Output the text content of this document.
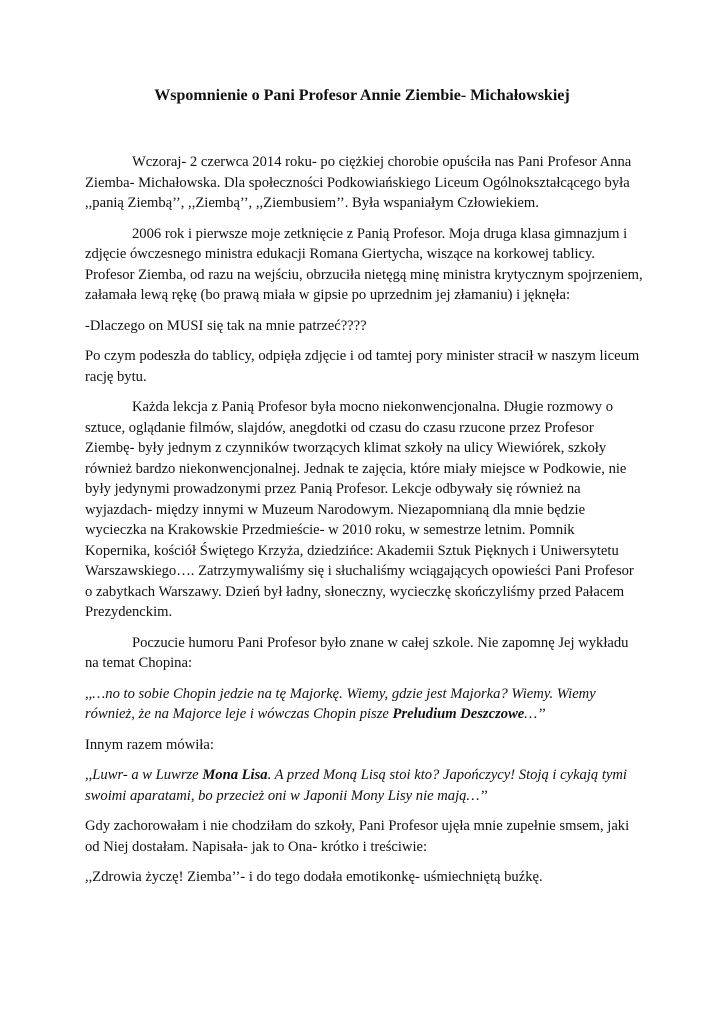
Wspomnienie o Pani Profesor Annie Ziembie- Michałowskiej

Wczoraj- 2 czerwca 2014 roku- po ciężkiej chorobie opuściła nas Pani Profesor Anna Ziemba- Michałowska. Dla społeczności Podkowiańskiego Liceum Ogólnokształcącego była ,,panią Ziembą’’, ,,Ziembą’’, ,,Ziembusiem’’. Była wspaniałym Człowiekiem.

2006 rok i pierwsze moje zetknięcie z Panią Profesor. Moja druga klasa gimnazjum i zdjęcie ówczesnego ministra edukacji Romana Giertycha, wiszące na korkowej tablicy. Profesor Ziemba, od razu na wejściu, obrzuciła nietęgą minę ministra krytycznym spojrzeniem, załamała lewą rękę (bo prawą miała w gipsie po uprzednim jej złamaniu) i jęknęła:

-Dlaczego on MUSI się tak na mnie patrzeć????

Po czym podeszła do tablicy, odpięła zdjęcie i od tamtej pory minister stracił w naszym liceum rację bytu.

Każda lekcja z Panią Profesor była mocno niekonwencjonalna. Długie rozmowy o sztuce, oglądanie filmów, slajdów, anegdotki od czasu do czasu rzucone przez Profesor Ziembę- były jednym z czynników tworzących klimat szkoły na ulicy Wiewiórek, szkoły również bardzo niekonwencjonalnej. Jednak te zajęcia, które miały miejsce w Podkowie, nie były jedynymi prowadzonymi przez Panią Profesor. Lekcje odbywały się również na wyjazdach- między innymi w Muzeum Narodowym. Niezapomnianą dla mnie będzie wycieczka na Krakowskie Przedmieście- w 2010 roku, w semestrze letnim. Pomnik Kopernika, kościół Świętego Krzyża, dziedzińce: Akademii Sztuk Pięknych i Uniwersytetu Warszawskiego…. Zatrzymywaliśmy się i słuchaliśmy wciągających opowieści Pani Profesor o zabytkach Warszawy. Dzień był ładny, słoneczny, wycieczkę skończyliśmy przed Pałacem Prezydenckim.

Poczucie humoru Pani Profesor było znane w całej szkole. Nie zapomnę Jej wykładu na temat Chopina:

,,…no to sobie Chopin jedzie na tę Majorkę. Wiemy, gdzie jest Majorka? Wiemy. Wiemy również, że na Majorce leje i wówczas Chopin pisze Preludium Deszczowe…’’

Innym razem mówiła:

,,Luwr- a w Luwrze Mona Lisa. A przed Moną Lisą stoi kto? Japończycy! Stoją i cykają tymi swoimi aparatami, bo przecież oni w Japonii Mony Lisy nie mają…’’

Gdy zachorowałam i nie chodziłam do szkoły, Pani Profesor ujęła mnie zupełnie smsem, jaki od Niej dostałam. Napisała- jak to Ona- krótko i treściwie:

,,Zdrowia życzę! Ziemba’’- i do tego dodała emotikonkę- uśmiechniętą buźkę.
